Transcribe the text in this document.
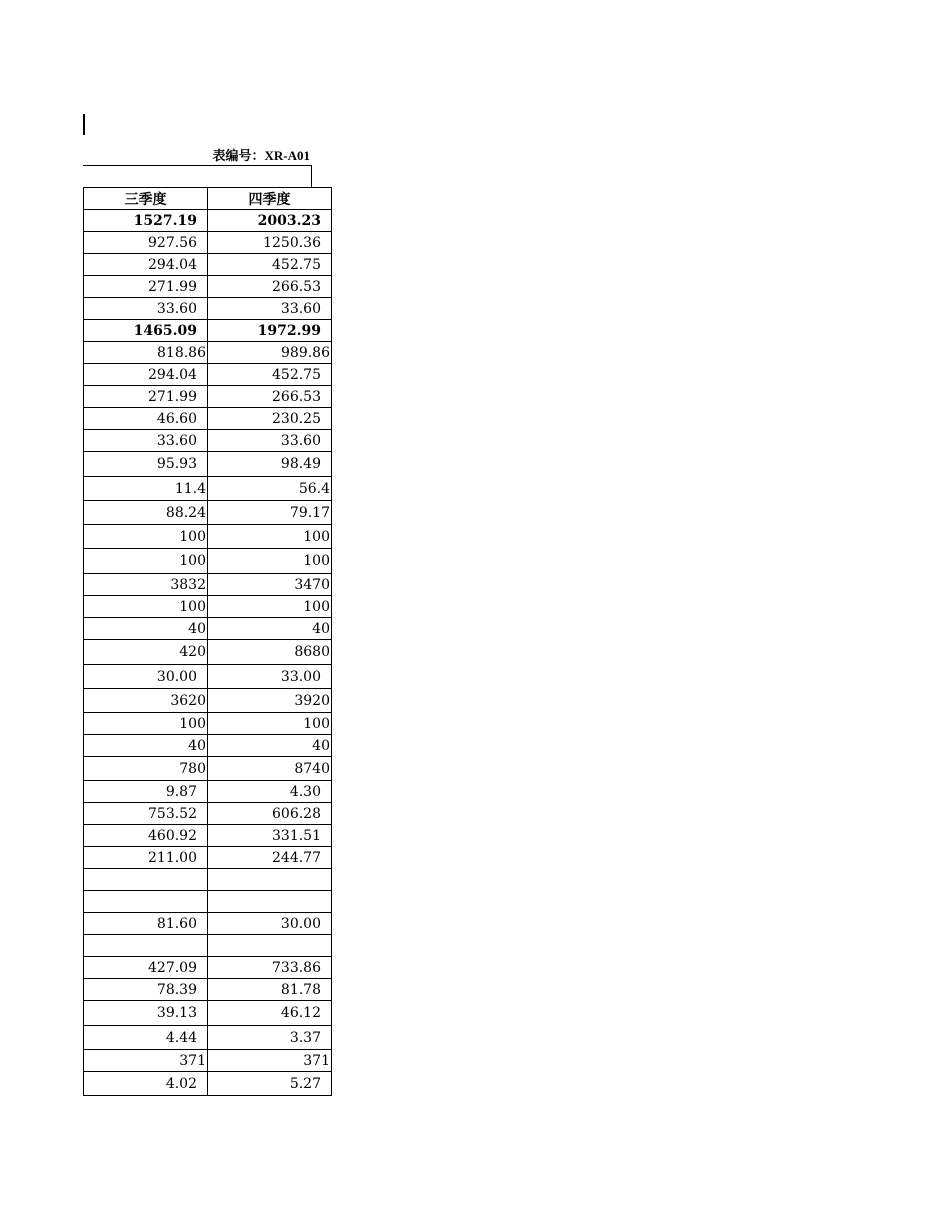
表编号：XR-A01
三季度	四季度
1527.19	2003.23
927.56	1250.36
294.04	452.75
271.99	266.53
33.60	33.60
1465.09	1972.99
818.86	989.86
294.04	452.75
271.99	266.53
46.60	230.25
33.60	33.60
95.93	98.49
11.4	56.4
88.24	79.17
100	100
100	100
3832	3470
100	100
40	40
420	8680
30.00	33.00
3620	3920
100	100
40	40
780	8740
9.87	4.30
753.52	606.28
460.92	331.51
211.00	244.77

81.60	30.00

427.09	733.86
78.39	81.78
39.13	46.12
4.44	3.37
371	371
4.02	5.27
